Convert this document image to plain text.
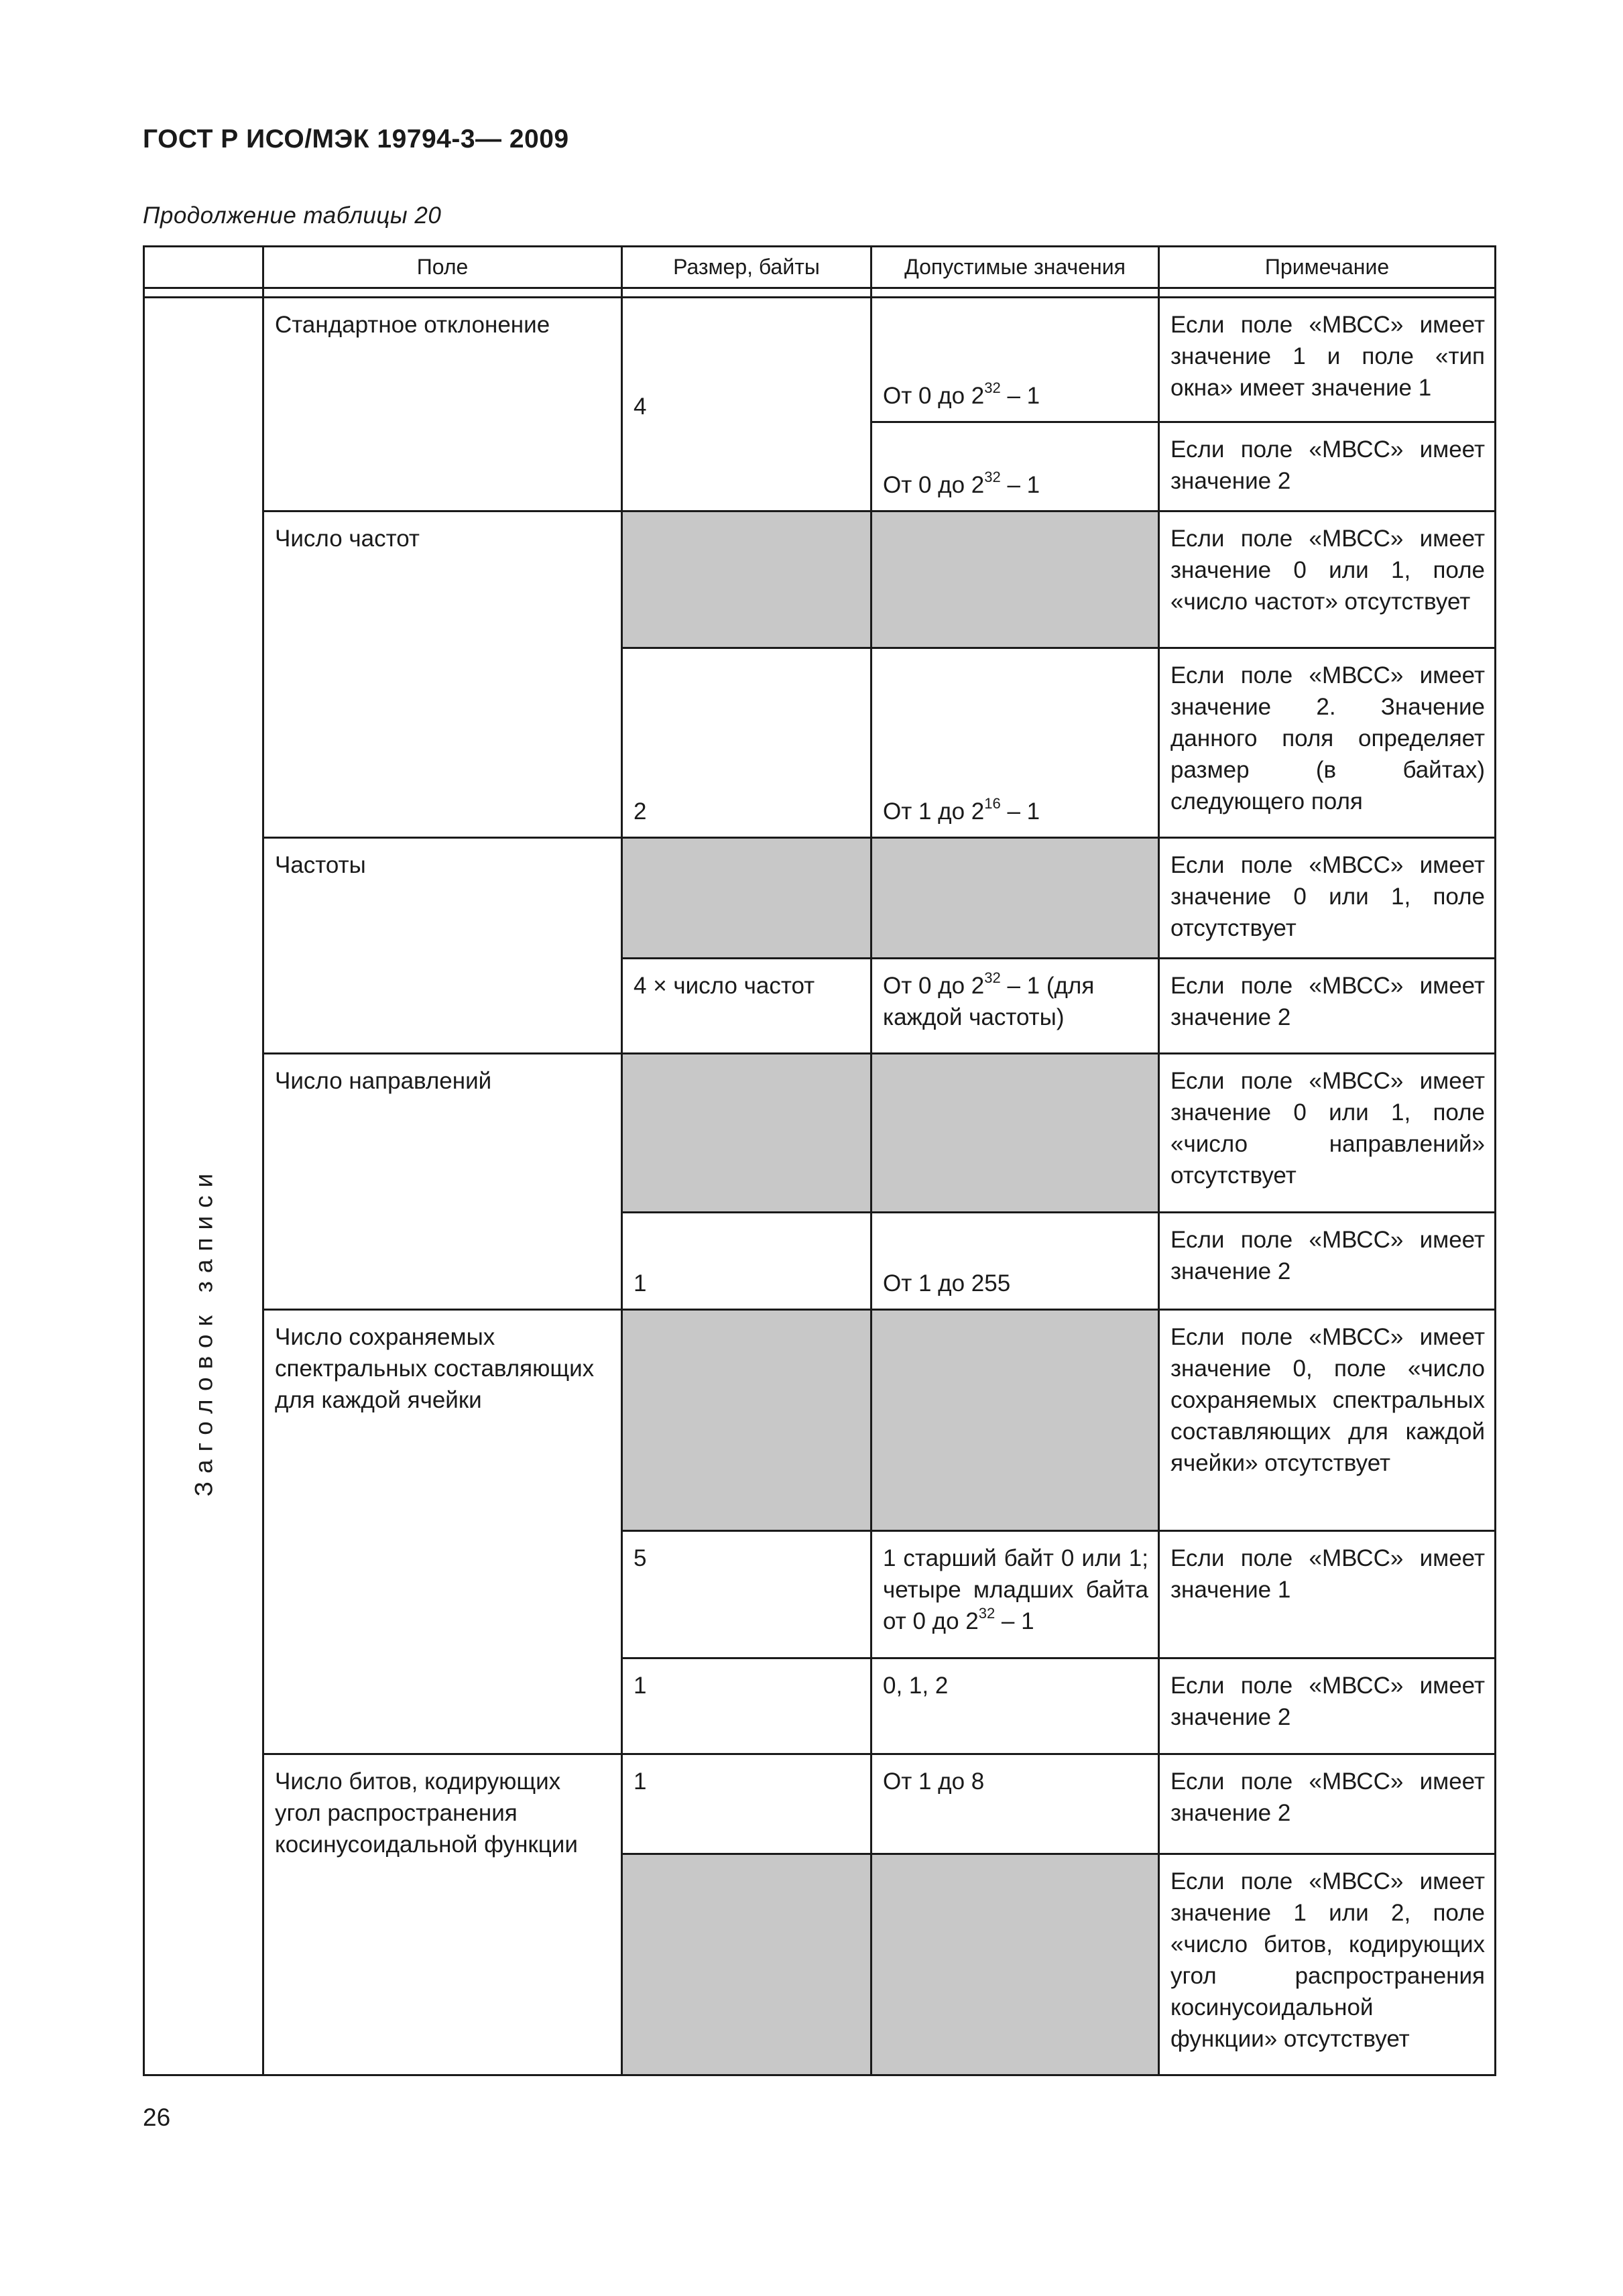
ГОСТ Р ИСО/МЭК 19794-3— 2009
Продолжение таблицы 20
	Поле	Размер, байты	Допустимые значения	Примечание

Заголовок записи	Стандартное отклонение	4	От 0 до $2^{32} - 1$	Если поле «МВСС» имеет значение 1 и поле «тип окна» имеет значение 1
			От 0 до $2^{32} - 1$	Если поле «МВСС» имеет значение 2
	Число частот			Если поле «МВСС» имеет значение 0 или 1, поле «число частот» отсутствует
		2	От 1 до $2^{16} - 1$	Если поле «МВСС» имеет значение 2. Значение данного поля определяет размер (в байтах) следующего поля
	Частоты			Если поле «МВСС» имеет значение 0 или 1, поле отсутствует
		4 × число частот	От 0 до $2^{32} - 1$ (для каждой частоты)	Если поле «МВСС» имеет значение 2
	Число направлений			Если поле «МВСС» имеет значение 0 или 1, поле «число направлений» отсутствует
		1	От 1 до 255	Если поле «МВСС» имеет значение 2
	Число сохраняемых спектральных составляющих для каждой ячейки			Если поле «МВСС» имеет значение 0, поле «число сохраняемых спектральных составляющих для каждой ячейки» отсутствует
		5	1 старший байт 0 или 1; четыре младших байта от 0 до $2^{32} - 1$	Если поле «МВСС» имеет значение 1
		1	0, 1, 2	Если поле «МВСС» имеет значение 2
	Число битов, кодирующих угол распространения косинусоидальной функции	1	От 1 до 8	Если поле «МВСС» имеет значение 2
				Если поле «МВСС» имеет значение 1 или 2, поле «число битов, кодирующих угол распространения косинусоидальной функции» отсутствует
26
